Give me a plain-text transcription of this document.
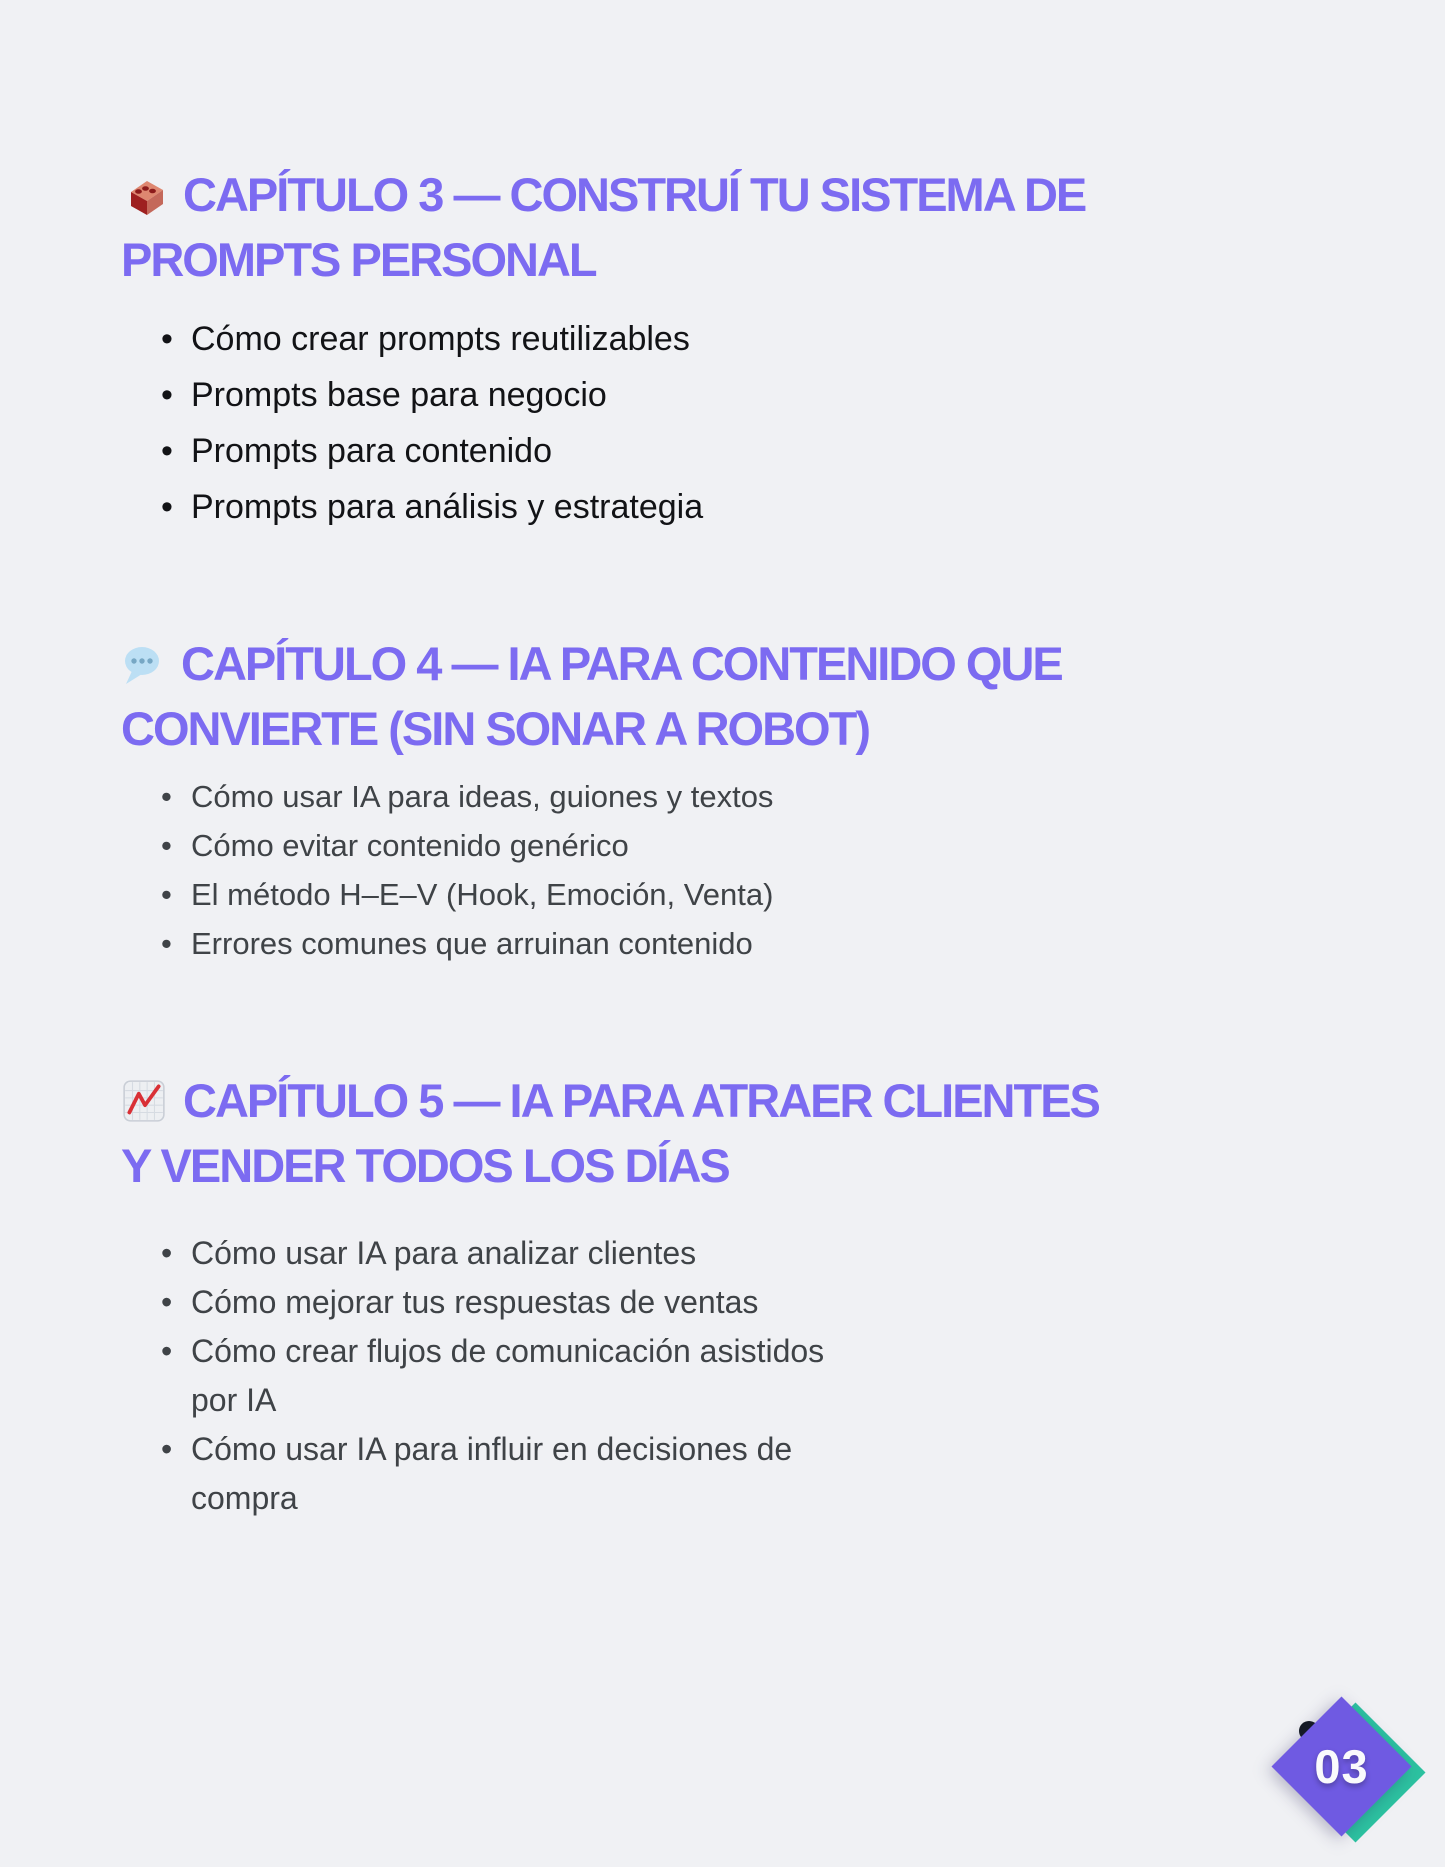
CAPÍTULO 3 — CONSTRUÍ TU SISTEMA DE
PROMPTS PERSONAL
• Cómo crear prompts reutilizables
• Prompts base para negocio
• Prompts para contenido
• Prompts para análisis y estrategia
CAPÍTULO 4 — IA PARA CONTENIDO QUE
CONVIERTE (SIN SONAR A ROBOT)
• Cómo usar IA para ideas, guiones y textos
• Cómo evitar contenido genérico
• El método H–E–V (Hook, Emoción, Venta)
• Errores comunes que arruinan contenido
CAPÍTULO 5 — IA PARA ATRAER CLIENTES
Y VENDER TODOS LOS DÍAS
• Cómo usar IA para analizar clientes
• Cómo mejorar tus respuestas de ventas
• Cómo crear flujos de comunicación asistidos
por IA
• Cómo usar IA para influir en decisiones de
compra
03
